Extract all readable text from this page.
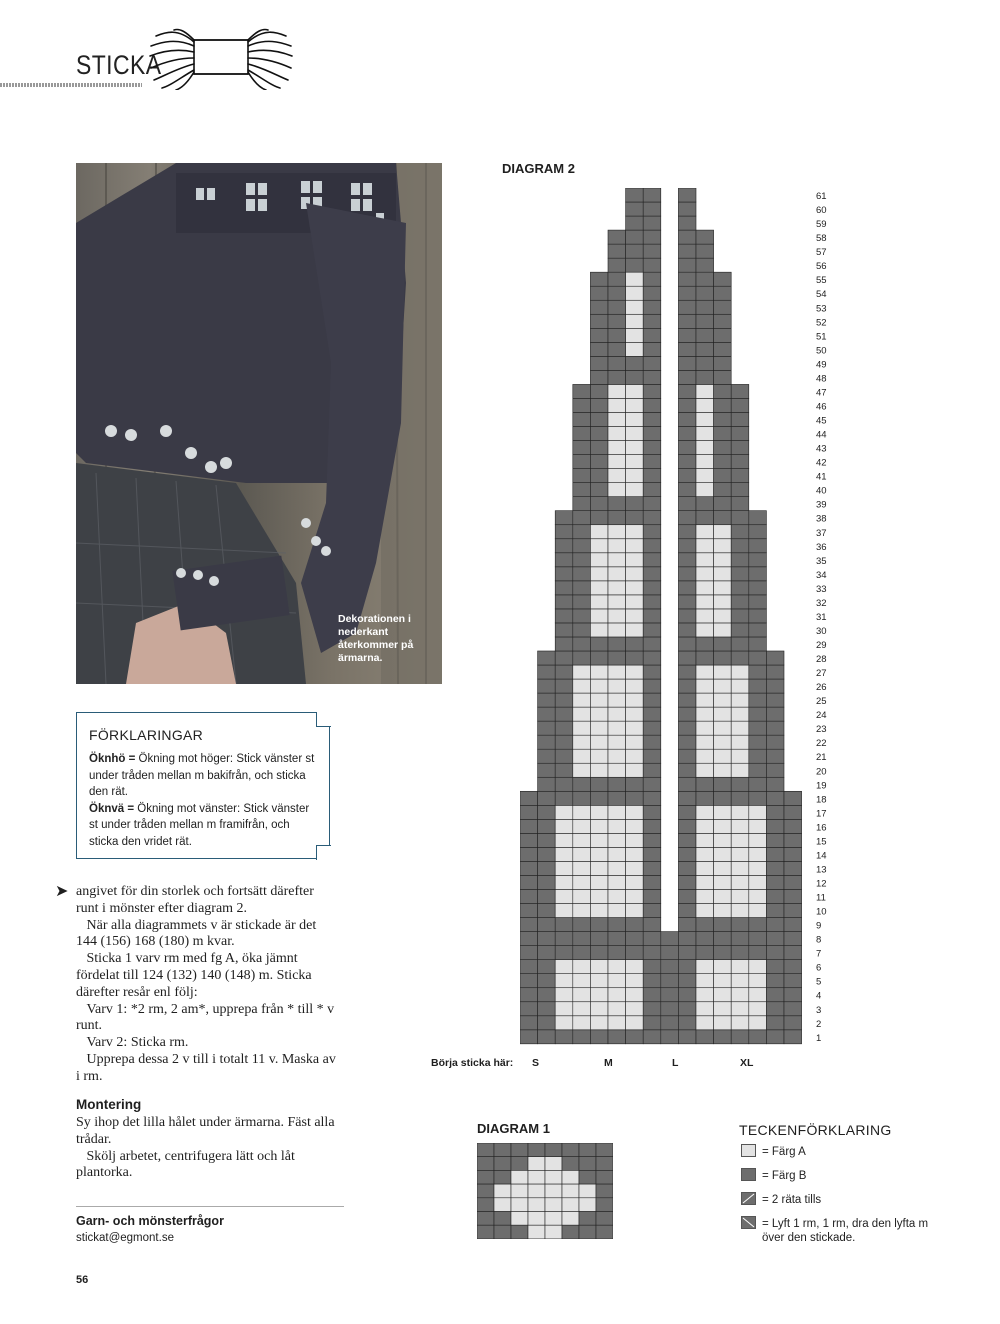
STICKA
Dekorationen i nederkant återkommer på ärmarna.
FÖRKLARINGAR
Öknhö = Ökning mot höger: Stick vänster st under tråden mellan m bakifrån, och sticka den rät.
Öknvä = Ökning mot vänster: Stick vänster st under tråden mellan m framifrån, och sticka den vridet rät.
➤ angivet för din storlek och fortsätt därefter runt i mönster efter diagram 2.

När alla diagrammets v är stickade är det 144 (156) 168 (180) m kvar.

Sticka 1 varv rm med fg A, öka jämnt fördelat till 124 (132) 140 (148) m. Sticka därefter resår enl följ:

Varv 1: *2 rm, 2 am*, upprepa från * till * v runt.

Varv 2: Sticka rm.

Upprepa dessa 2 v till i totalt 11 v. Maska av i rm.

Montering

Sy ihop det lilla hålet under ärmarna. Fäst alla trådar.

Skölj arbetet, centrifugera lätt och låt plantorka.

Garn- och mönsterfrågor
stickat@egmont.se
56
DIAGRAM 2
1
2
3
4
5
6
7
8
9
10
11
12
13
14
15
16
17
18
19
20
21
22
23
24
25
26
27
28
29
30
31
32
33
34
35
36
37
38
39
40
41
42
43
44
45
46
47
48
49
50
51
52
53
54
55
56
57
58
59
60
61
Börja sticka här: S	M	L	XL
DIAGRAM 1	TECKENFÖRKLARING
= Färg A
= Färg B
= 2 räta tills
= Lyft 1 rm, 1 rm, dra den lyfta m över den stickade.
